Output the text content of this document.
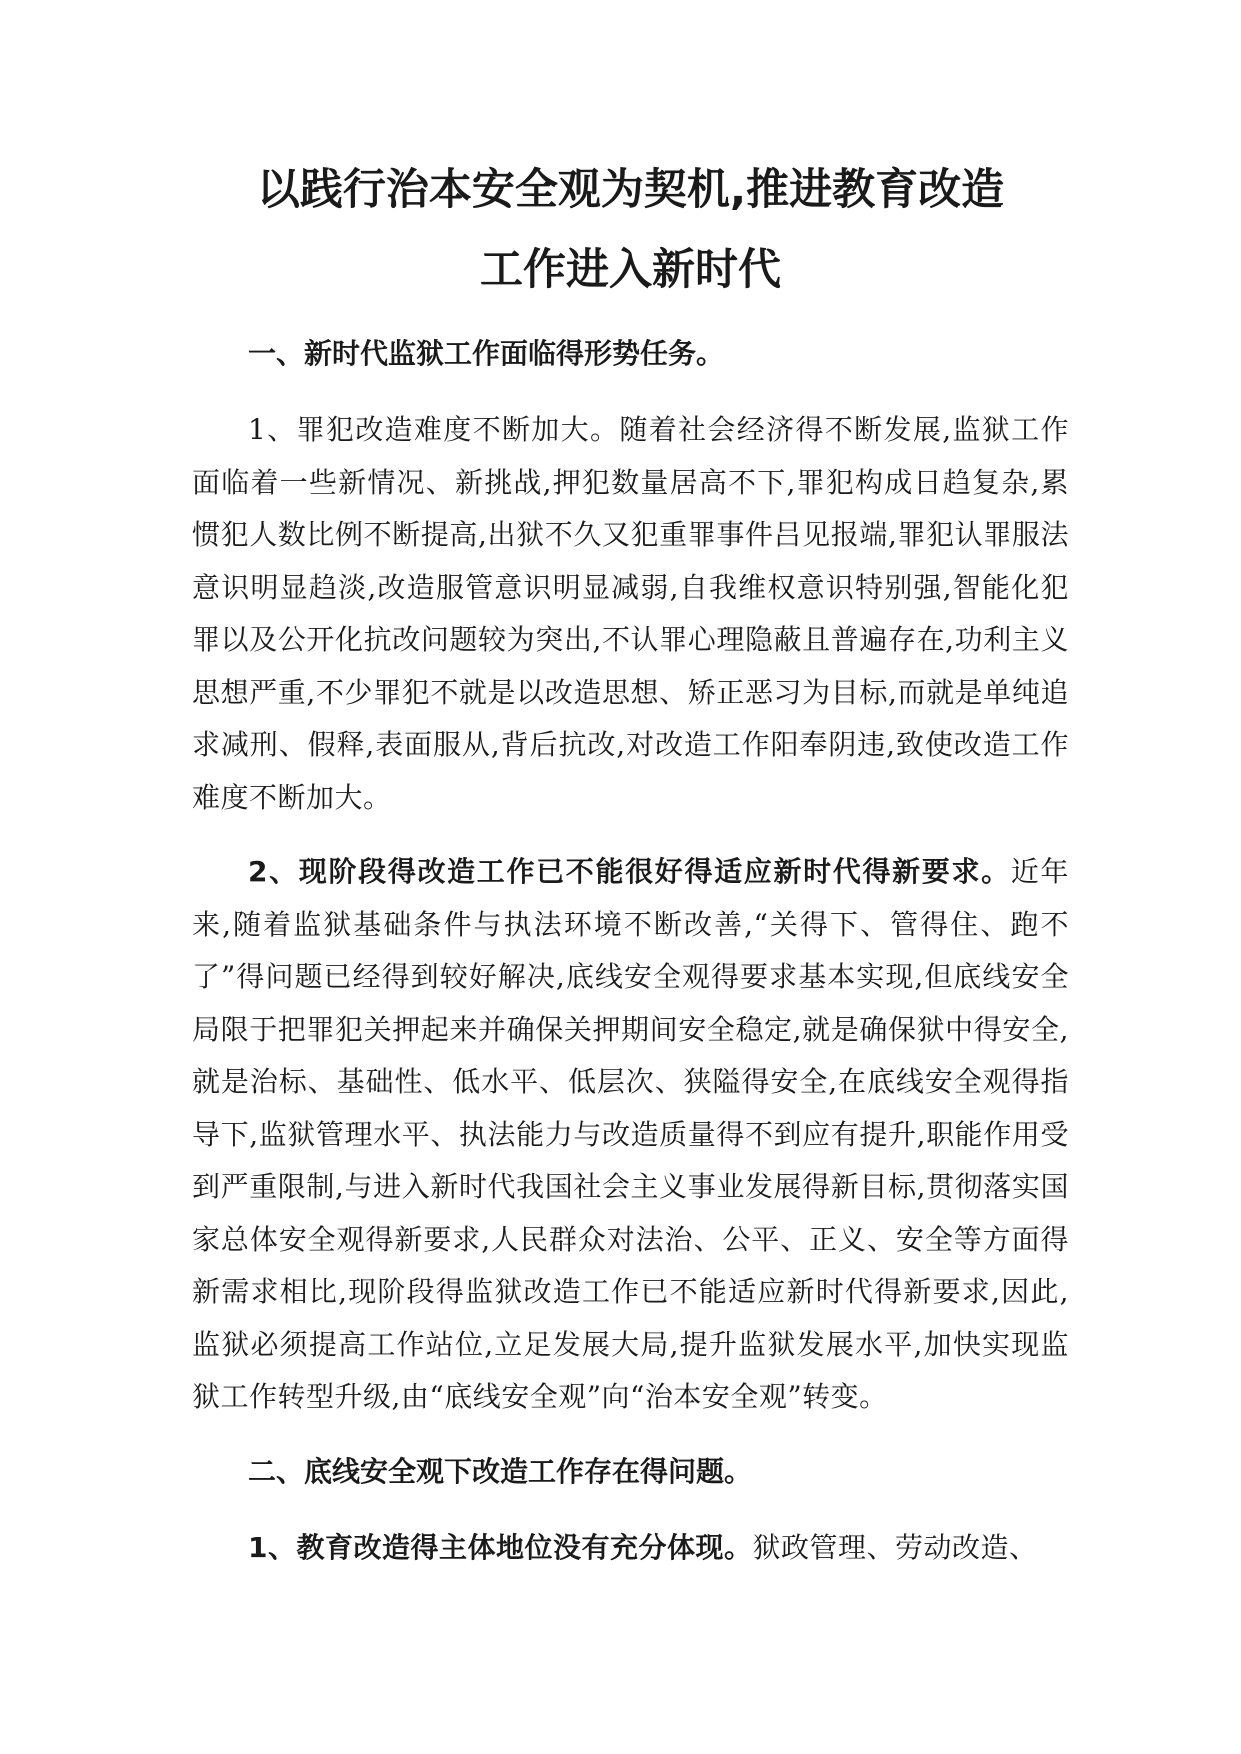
以践行治本安全观为契机,推进教育改造
工作进入新时代

一、新时代监狱工作面临得形势任务。

1、罪犯改造难度不断加大。随着社会经济得不断发展,监狱工作面临着一些新情况、新挑战,押犯数量居高不下,罪犯构成日趋复杂,累惯犯人数比例不断提高,出狱不久又犯重罪事件吕见报端,罪犯认罪服法意识明显趋淡,改造服管意识明显减弱,自我维权意识特别强,智能化犯罪以及公开化抗改问题较为突出,不认罪心理隐蔽且普遍存在,功利主义思想严重,不少罪犯不就是以改造思想、矫正恶习为目标,而就是单纯追求减刑、假释,表面服从,背后抗改,对改造工作阳奉阴违,致使改造工作难度不断加大。

2、现阶段得改造工作已不能很好得适应新时代得新要求。近年来,随着监狱基础条件与执法环境不断改善,“关得下、管得住、跑不了”得问题已经得到较好解决,底线安全观得要求基本实现,但底线安全局限于把罪犯关押起来并确保关押期间安全稳定,就是确保狱中得安全,就是治标、基础性、低水平、低层次、狭隘得安全,在底线安全观得指导下,监狱管理水平、执法能力与改造质量得不到应有提升,职能作用受到严重限制,与进入新时代我国社会主义事业发展得新目标,贯彻落实国家总体安全观得新要求,人民群众对法治、公平、正义、安全等方面得新需求相比,现阶段得监狱改造工作已不能适应新时代得新要求,因此,监狱必须提高工作站位,立足发展大局,提升监狱发展水平,加快实现监狱工作转型升级,由“底线安全观”向“治本安全观”转变。

二、底线安全观下改造工作存在得问题。

1、教育改造得主体地位没有充分体现。狱政管理、劳动改造、
